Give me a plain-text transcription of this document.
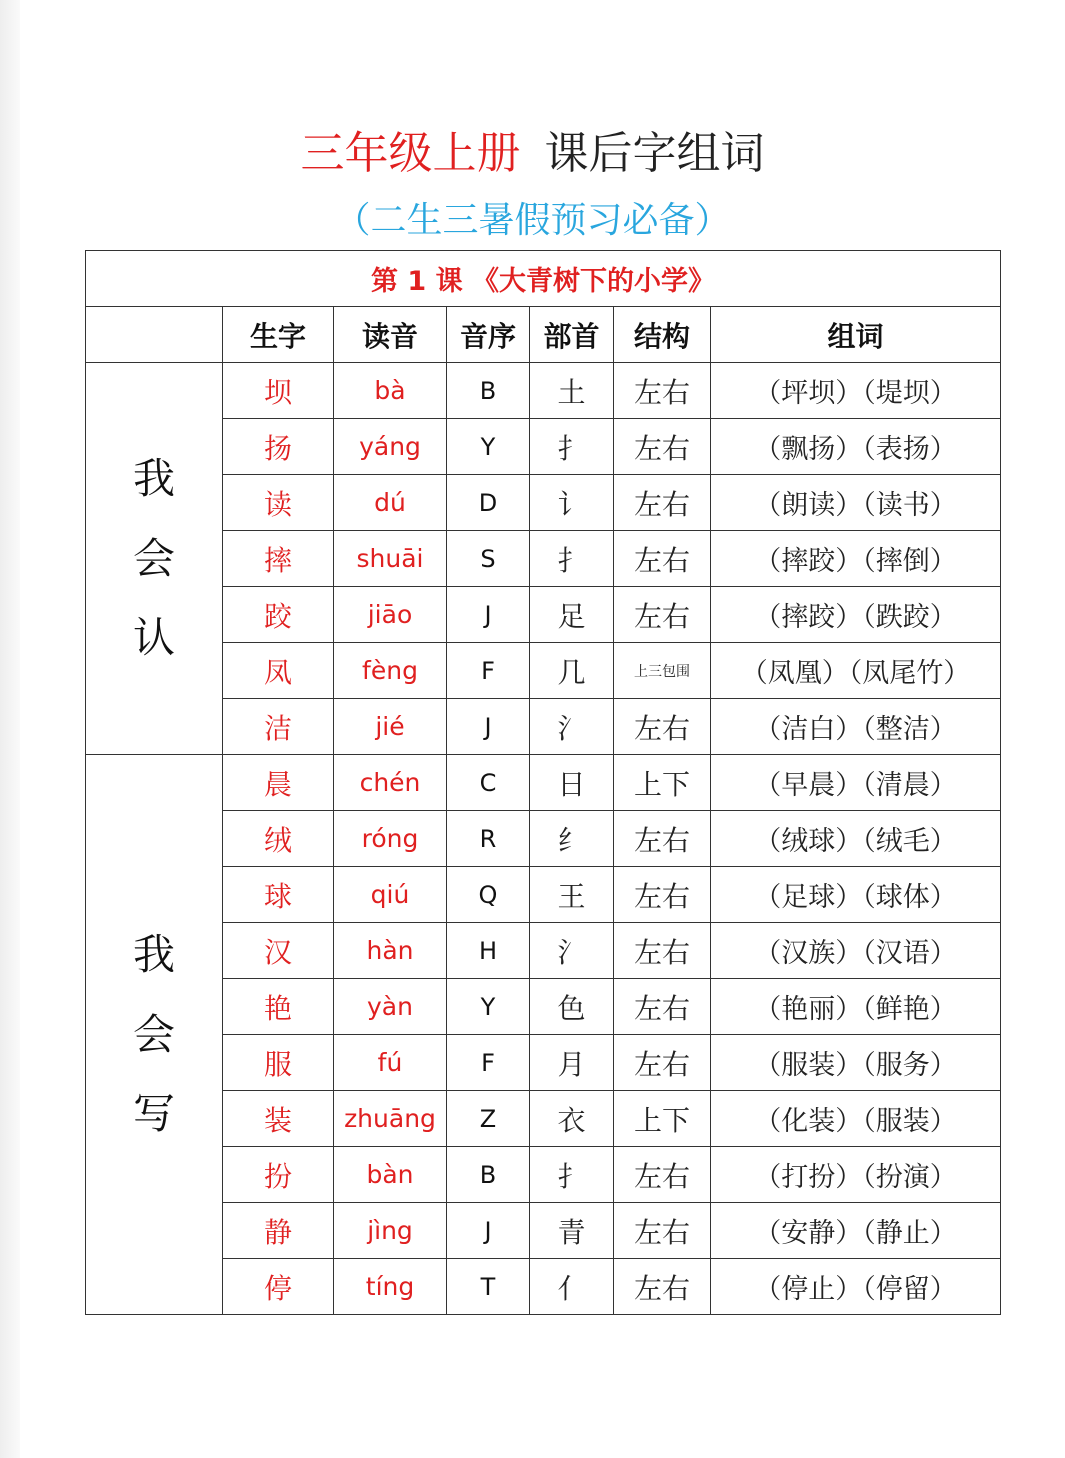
三年级上册 课后字组词
（二生三暑假预习必备）
第 1 课 《大青树下的小学》						
	生字	读音	音序	部首	结构	组词

我
会
认	坝	bà	B	土	左右	（坪坝）（堤坝）
	扬	yáng	Y	扌	左右	（飘扬）（表扬）
	读	dú	D	讠	左右	（朗读）（读书）
	摔	shuāi	S	扌	左右	（摔跤）（摔倒）
	跤	jiāo	J	足	左右	（摔跤）（跌跤）
	凤	fèng	F	几	上三包围	（凤凰）（凤尾竹）
	洁	jié	J	氵	左右	（洁白）（整洁）

我
会
写	晨	chén	C	日	上下	（早晨）（清晨）
	绒	róng	R	纟	左右	（绒球）（绒毛）
	球	qiú	Q	王	左右	（足球）（球体）
	汉	hàn	H	氵	左右	（汉族）（汉语）
	艳	yàn	Y	色	左右	（艳丽）（鲜艳）
	服	fú	F	月	左右	（服装）（服务）
	装	zhuāng	Z	衣	上下	（化装）（服装）
	扮	bàn	B	扌	左右	（打扮）（扮演）
	静	jìng	J	青	左右	（安静）（静止）
	停	tíng	T	亻	左右	（停止）（停留）
